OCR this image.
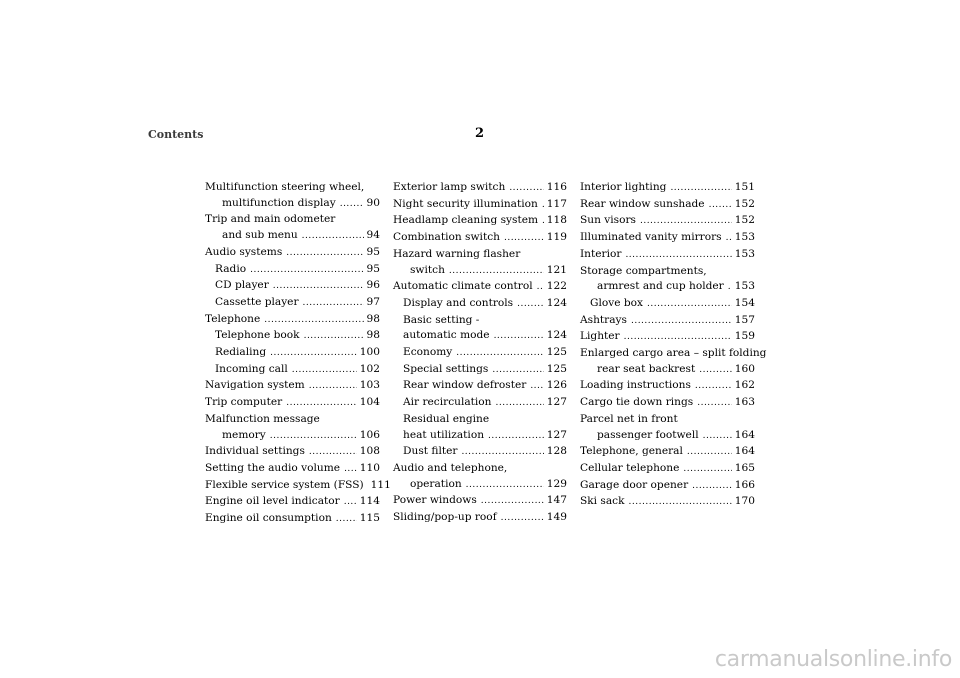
Contents	2
Multifunction steering wheel,
multifunction display .....	90
Trip and main odometer
and sub menu .....	94
Audio systems .....	95
Radio .....	95
CD player .....	96
Cassette player .....	97
Telephone .....	98
Telephone book .....	98
Redialing .....	100
Incoming call .....	102
Navigation system .....	103
Trip computer .....	104
Malfunction message
memory .....	106
Individual settings .....	108
Setting the audio volume ..... 110
Flexible service system (FSS) 111
Engine oil level indicator ..... 114
Engine oil consumption .....	115
Exterior lamp switch .....	116
Night security illumination ..... 117
Headlamp cleaning system ..... 118
Combination switch .....	119
Hazard warning flasher
switch .....	121
Automatic climate control ..... 122
Display and controls .....	124
Basic setting -
automatic mode .....	124
Economy .....	125
Special settings .....	125
Rear window defroster ..... 126
Air recirculation .....	127
Residual engine
heat utilization .....	127
Dust filter .....	128
Audio and telephone,
operation .....	129
Power windows .....	147
Sliding/pop-up roof .....	149
Interior lighting .....	151
Rear window sunshade .....	152
Sun visors .....	152
Illuminated vanity mirrors ..... 153
Interior .....	153
Storage compartments,
armrest and cup holder ..... 153
Glove box .....	154
Ashtrays .....	157
Lighter .....	159
Enlarged cargo area – split folding
rear seat backrest .....	160
Loading instructions .....	162
Cargo tie down rings .....	163
Parcel net in front
passenger footwell .....	164
Telephone, general .....	164
Cellular telephone .....	165
Garage door opener .....	166
Ski sack .....	170
carmanualsonline.info
